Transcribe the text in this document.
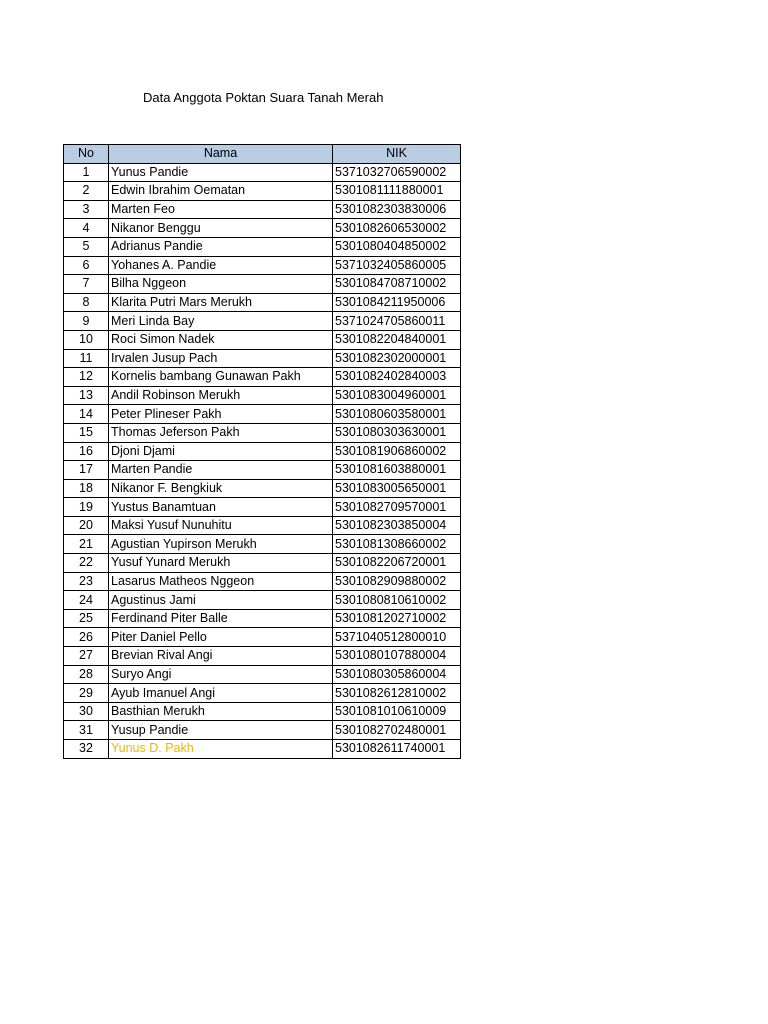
Data Anggota Poktan Suara Tanah Merah
No	Nama	NIK
1	Yunus Pandie	5371032706590002
2	Edwin Ibrahim Oematan	5301081111880001
3	Marten Feo	5301082303830006
4	Nikanor Benggu	5301082606530002
5	Adrianus Pandie	5301080404850002
6	Yohanes A. Pandie	5371032405860005
7	Bilha Nggeon	5301084708710002
8	Klarita Putri Mars Merukh	5301084211950006
9	Meri Linda Bay	5371024705860011
10	Roci Simon Nadek	5301082204840001
11	Irvalen Jusup Pach	5301082302000001
12	Kornelis bambang Gunawan Pakh	5301082402840003
13	Andil Robinson Merukh	5301083004960001
14	Peter Plineser Pakh	5301080603580001
15	Thomas Jeferson Pakh	5301080303630001
16	Djoni Djami	5301081906860002
17	Marten Pandie	5301081603880001
18	Nikanor F. Bengkiuk	5301083005650001
19	Yustus Banamtuan	5301082709570001
20	Maksi Yusuf Nunuhitu	5301082303850004
21	Agustian Yupirson Merukh	5301081308660002
22	Yusuf Yunard Merukh	5301082206720001
23	Lasarus Matheos Nggeon	5301082909880002
24	Agustinus Jami	5301080810610002
25	Ferdinand Piter Balle	5301081202710002
26	Piter Daniel Pello	5371040512800010
27	Brevian Rival Angi	5301080107880004
28	Suryo Angi	5301080305860004
29	Ayub Imanuel Angi	5301082612810002
30	Basthian Merukh	5301081010610009
31	Yusup Pandie	5301082702480001
32	Yunus D. Pakh	5301082611740001
